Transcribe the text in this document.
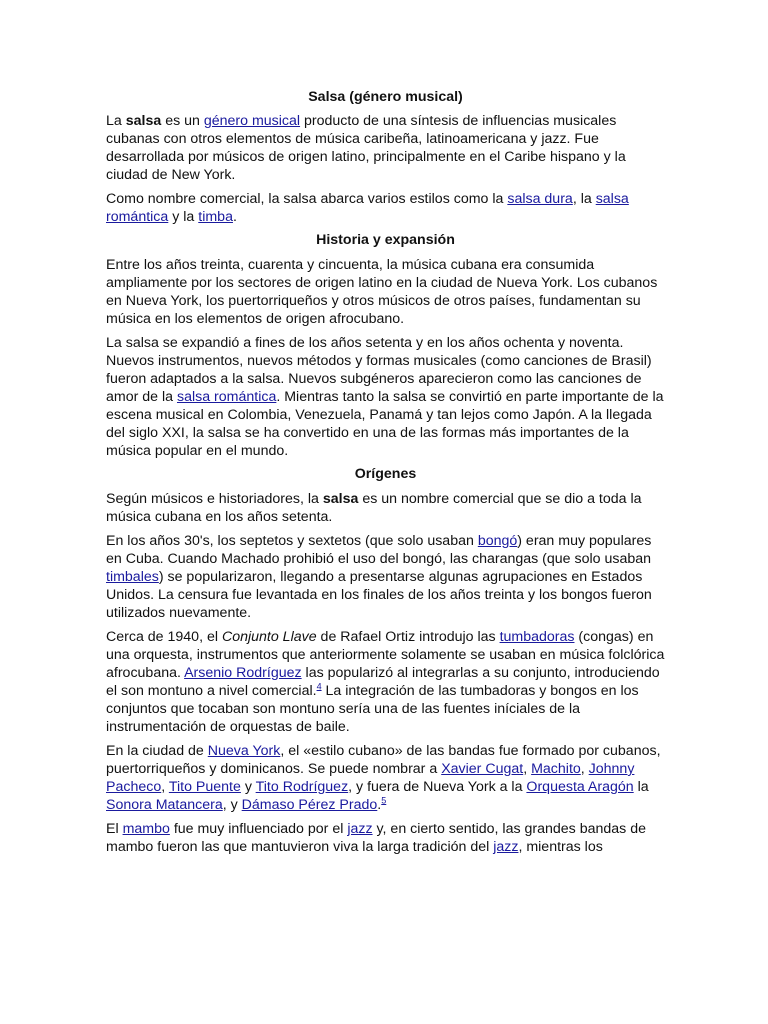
Salsa (género musical)

La salsa es un género musical producto de una síntesis de influencias musicales cubanas con otros elementos de música caribeña, latinoamericana y jazz. Fue desarrollada por músicos de origen latino, principalmente en el Caribe hispano y la ciudad de New York.

Como nombre comercial, la salsa abarca varios estilos como la salsa dura, la salsa romántica y la timba.

Historia y expansión

Entre los años treinta, cuarenta y cincuenta, la música cubana era consumida ampliamente por los sectores de origen latino en la ciudad de Nueva York. Los cubanos en Nueva York, los puertorriqueños y otros músicos de otros países, fundamentan su música en los elementos de origen afrocubano.

La salsa se expandió a fines de los años setenta y en los años ochenta y noventa. Nuevos instrumentos, nuevos métodos y formas musicales (como canciones de Brasil) fueron adaptados a la salsa. Nuevos subgéneros aparecieron como las canciones de amor de la salsa romántica. Mientras tanto la salsa se convirtió en parte importante de la escena musical en Colombia, Venezuela, Panamá y tan lejos como Japón. A la llegada del siglo XXI, la salsa se ha convertido en una de las formas más importantes de la música popular en el mundo.

Orígenes

Según músicos e historiadores, la salsa es un nombre comercial que se dio a toda la música cubana en los años setenta.

En los años 30's, los septetos y sextetos (que solo usaban bongó) eran muy populares en Cuba. Cuando Machado prohibió el uso del bongó, las charangas (que solo usaban timbales) se popularizaron, llegando a presentarse algunas agrupaciones en Estados Unidos. La censura fue levantada en los finales de los años treinta y los bongos fueron utilizados nuevamente.

Cerca de 1940, el Conjunto Llave de Rafael Ortiz introdujo las tumbadoras (congas) en una orquesta, instrumentos que anteriormente solamente se usaban en música folclórica afrocubana. Arsenio Rodríguez las popularizó al integrarlas a su conjunto, introduciendo el son montuno a nivel comercial.$^4$ La integración de las tumbadoras y bongos en los conjuntos que tocaban son montuno sería una de las fuentes iníciales de la instrumentación de orquestas de baile.

En la ciudad de Nueva York, el «estilo cubano» de las bandas fue formado por cubanos, puertorriqueños y dominicanos. Se puede nombrar a Xavier Cugat, Machito, Johnny Pacheco, Tito Puente y Tito Rodríguez, y fuera de Nueva York a la Orquesta Aragón la Sonora Matancera, y Dámaso Pérez Prado.$^5$

El mambo fue muy influenciado por el jazz y, en cierto sentido, las grandes bandas de mambo fueron las que mantuvieron viva la larga tradición del jazz, mientras los
